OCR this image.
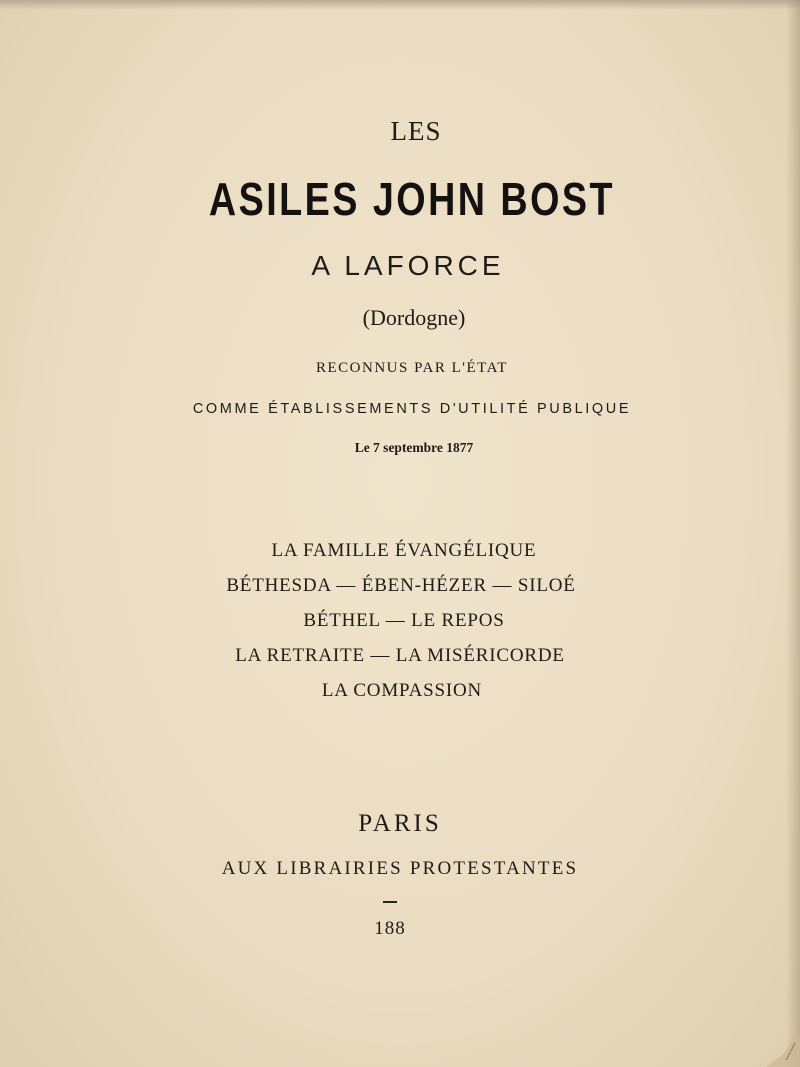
LES
ASILES JOHN BOST
A LAFORCE
(Dordogne)
RECONNUS PAR L'ÉTAT
COMME ÉTABLISSEMENTS D'UTILITÉ PUBLIQUE
Le 7 septembre 1877
LA FAMILLE ÉVANGÉLIQUE
BÉTHESDA — ÉBEN-HÉZER — SILOÉ
BÉTHEL — LE REPOS
LA RETRAITE — LA MISÉRICORDE
LA COMPASSION
PARIS
AUX LIBRAIRIES PROTESTANTES
188
